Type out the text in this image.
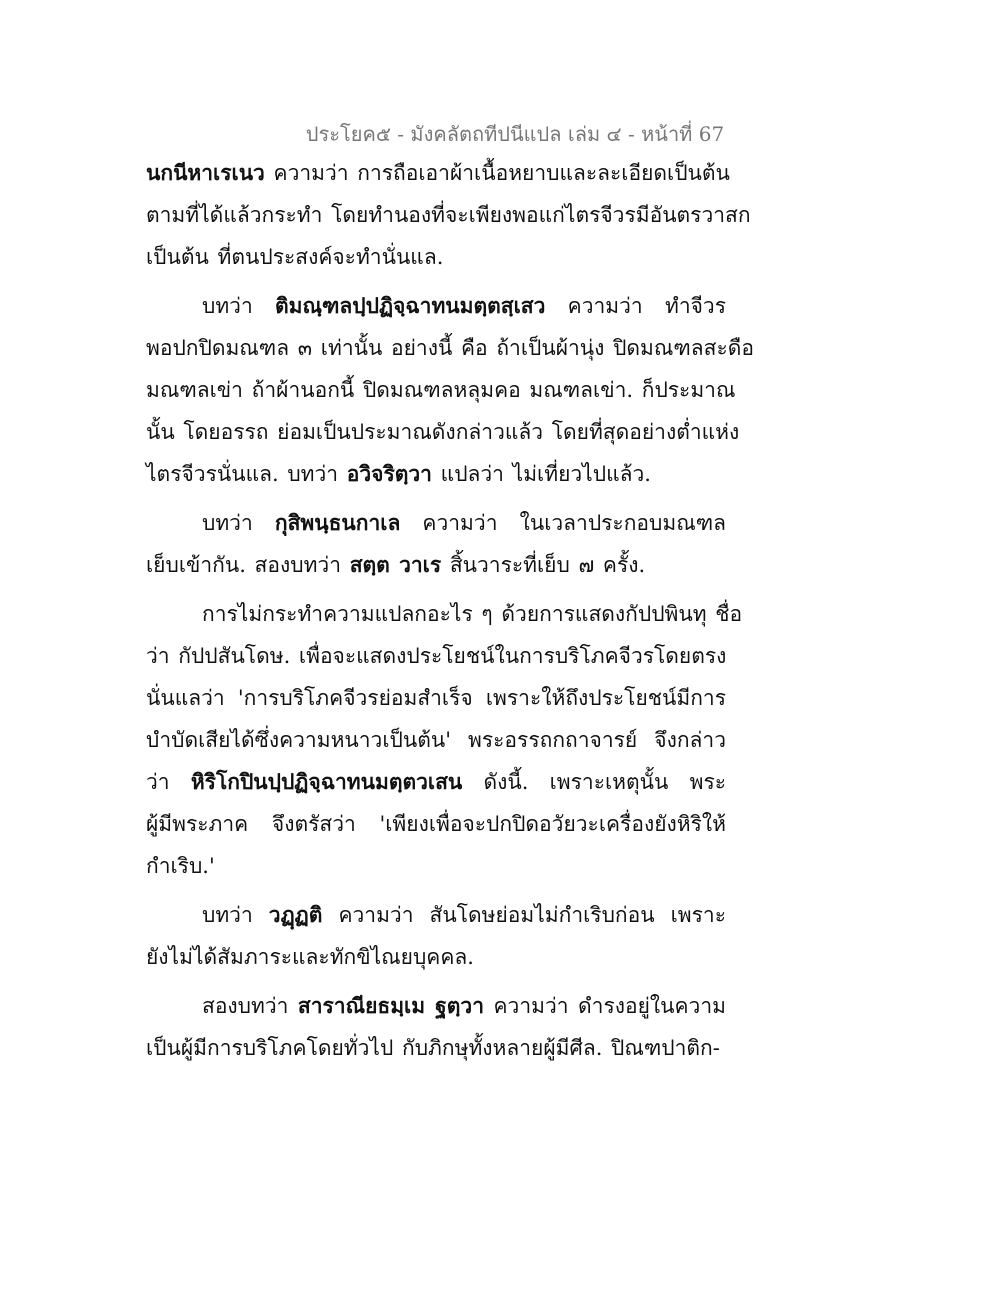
ประโยค๕ - มังคลัตถทีปนีแปล เล่ม ๔ - หน้าที่ 67
นกนีหาเรเนว ความว่า การถือเอาผ้าเนื้อหยาบและละเอียดเป็นต้น
ตามที่ได้แล้วกระทำ โดยทำนองที่จะเพียงพอแก่ไตรจีวรมีอันตรวาสก
เป็นต้น ที่ตนประสงค์จะทำนั่นแล.
บทว่า ติมณฺฑลปฺปฏิจฺฉาทนมตฺตสฺเสว ความว่า ทำจีวร
พอปกปิดมณฑล ๓ เท่านั้น อย่างนี้ คือ ถ้าเป็นผ้านุ่ง ปิดมณฑลสะดือ
มณฑลเข่า ถ้าผ้านอกนี้ ปิดมณฑลหลุมคอ มณฑลเข่า. ก็ประมาณ
นั้น โดยอรรถ ย่อมเป็นประมาณดังกล่าวแล้ว โดยที่สุดอย่างต่ำแห่ง
ไตรจีวรนั่นแล. บทว่า อวิจริตฺวา แปลว่า ไม่เที่ยวไปแล้ว.
บทว่า กุสิพนฺธนกาเล ความว่า ในเวลาประกอบมณฑล
เย็บเข้ากัน. สองบทว่า สตฺต วาเร สิ้นวาระที่เย็บ ๗ ครั้ง.
การไม่กระทำความแปลกอะไร ๆ ด้วยการแสดงกัปปพินทุ ชื่อ
ว่า กัปปสันโดษ. เพื่อจะแสดงประโยชน์ในการบริโภคจีวรโดยตรง
นั่นแลว่า 'การบริโภคจีวรย่อมสำเร็จ เพราะให้ถึงประโยชน์มีการ
บำบัดเสียได้ซึ่งความหนาวเป็นต้น' พระอรรถกถาจารย์ จึงกล่าว
ว่า หิริโกปินปฺปฏิจฺฉาทนมตฺตวเสน ดังนี้. เพราะเหตุนั้น พระ
ผู้มีพระภาค จึงตรัสว่า 'เพียงเพื่อจะปกปิดอวัยวะเครื่องยังหิริให้
กำเริบ.'
บทว่า วฏฺฏติ ความว่า สันโดษย่อมไม่กำเริบก่อน เพราะ
ยังไม่ได้สัมภาระและทักขิไณยบุคคล.
สองบทว่า สาราณียธมฺเม ฐตฺวา ความว่า ดำรงอยู่ในความ
เป็นผู้มีการบริโภคโดยทั่วไป กับภิกษุทั้งหลายผู้มีศีล. ปิณฑปาติก-
